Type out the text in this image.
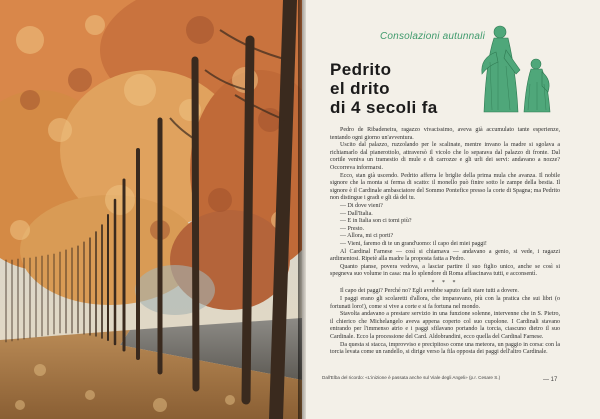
Consolazioni autunnali
Pedrito
el drito
di 4 secoli fa

Pedro de Ribadeneira, ragazzo vivacissimo, aveva già accumulato tante esperienze, tentando ogni giorno un'avventura.

Uscito dal palazzo, ruzzolando per le scalinate, mentre invano la madre si sgolava a richiamarlo dal pianerottolo, attraversò il vicolo che lo separava dal palazzo di fronte. Dal cortile veniva un tramestio di mule e di carrozze e gli urli dei servi: andavano a nozze? Occorreva informarsi.

Ecco, stan già uscendo. Pedrito afferra le briglie della prima mula che avanza. Il nobile signore che la monta si ferma di scatto: il monello può finire sotto le zampe della bestia. Il signore è il Cardinale ambasciatore del Sommo Pontefice presso la corte di Spagna; ma Pedrito non distingue i gradi e gli dà del tu.

— Di dove vieni?

— Dall'Italia.

— E in Italia son ci torni più?

— Presto.

— Allora, mi ci porti?

— Vieni, faremo di te un grand'uomo: il capo dei miei paggi!

Al Cardinal Farnese — così si chiamava — andavano a genio, si vede, i ragazzi ardimentosi. Ripetè alla madre la proposta fatta a Pedro.

Quanto pianse, povera vedova, a lasciar partire il suo figlio unico, anche se così si spegneva suo volume in casa: ma lo splendore di Roma affascinava tutti, e acconsentì.

* * *

Il capo dei paggi? Perché no? Egli avrebbe saputo farli stare tutti a dovere.

I paggi erano gli scolaretti d'allora, che imparavano, più con la pratica che sui libri (o fortunati loro!), come si vive a corte e si fa fortuna nel mondo.

Stavolta andavano a prestare servizio in una funzione solenne, intervenne che in S. Pietro, il chierico che Michelangelo aveva appena coperto col suo cupolone. I Cardinali stavano entrando per l'immenso atrio e i paggi sfilavano portando la torcia, ciascuno dietro il suo Cardinale. Ecco la processione del Card. Aldobrandini, ecco quella del Cardinal Farnese.

Da questa si stacca, improvviso e precipitoso come una meteora, un paggio in corsa: con la torcia levata come un randello, si dirige verso la fila opposta dei paggi dell'altro Cardinale.

Dall'Elba del ricordo: «L'inizione è passata anche sul Viale degli Angeli» (p.r. Cesare S.)	— 17
